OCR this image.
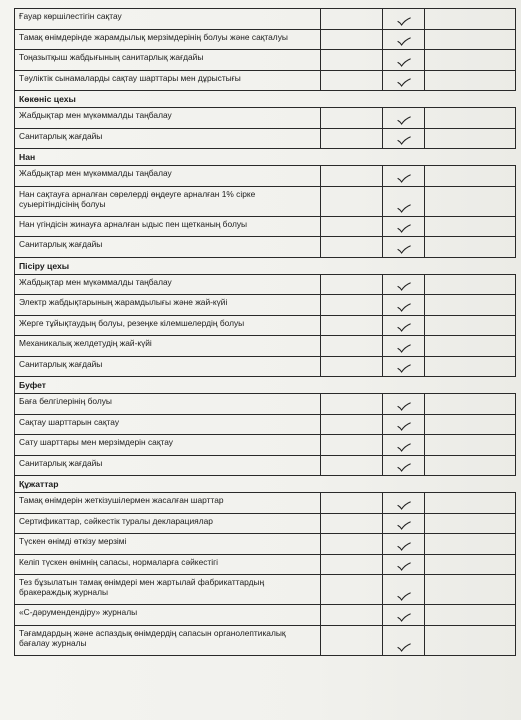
Ғауар көршілестігін сақтау			
Тамақ өнімдерінде жарамдылық мерзімдерінің болуы және сақталуы			
Тоңазытқыш жабдығының санитарлық жағдайы			
Тәуліктік сынамаларды сақтау шарттары мен дұрыстығы			
Көкөніс цехы			
Жабдықтар мен мүкәммалды таңбалау			
Санитарлық жағдайы			
Нан			
Жабдықтар мен мүкәммалды таңбалау			
Нан сақтауға арналған сөрелерді өңдеуге арналған 1% сірке суыерітіндісінің болуы			
Нан үгіндісін жинауға арналған ыдыс пен щетканың болуы			
Санитарлық жағдайы			
Пісіру цехы			
Жабдықтар мен мүкәммалды таңбалау			
Электр жабдықтарының жарамдылығы және жай-күйі			
Жерге тұйықтаудың болуы, резеңке кілемшелердің болуы			
Механикалық желдетудің жай-күйі			
Санитарлық жағдайы			
Буфет			
Баға белгілерінің болуы			
Сақтау шарттарын сақтау			
Сату шарттары мен мерзімдерін сақтау			
Санитарлық жағдайы			
Құжаттар			
Тамақ өнімдерін жеткізушілермен жасалған шарттар			
Сертификаттар, сәйкестік туралы декларациялар			
Түскен өнімді өткізу мерзімі			
Келіп түскен өнімнің сапасы, нормаларға сәйкестігі			
Тез бұзылатын тамақ өнімдері мен жартылай фабрикаттардың бракераждық журналы			
«С-дәрумендендіру» журналы			
Тағамдардың және аспаздық өнімдердің сапасын органолептикалық бағалау журналы			
